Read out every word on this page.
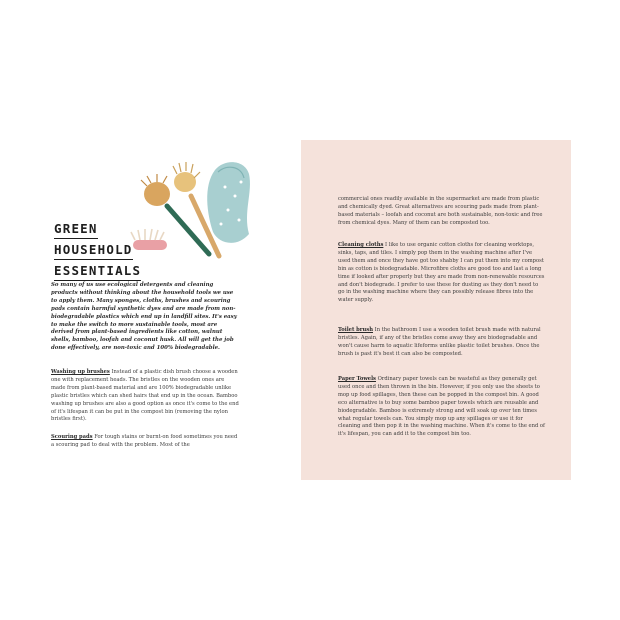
GREEN
HOUSEHOLD
ESSENTIALS
So many of us use ecological detergents and cleaning products without thinking about the household tools we use to apply them. Many sponges, cloths, brushes and scouring pads contain harmful synthetic dyes and are made from non-biodegradable plastics which end up in landfill sites. It's easy to make the switch to more sustainable tools, most are derived from plant-based ingredients like cotton, walnut shells, bamboo, loofah and coconut husk. All will get the job done effectively, are non-toxic and 100% biodegradable.
Washing up brushes Instead of a plastic dish brush choose a wooden one with replacement heads. The bristles on the wooden ones are made from plant-based material and are 100% biodegradable unlike plastic bristles which can shed hairs that end up in the ocean. Bamboo washing up brushes are also a good option as once it's come to the end of it's lifespan it can be put in the compost bin (removing the nylon bristles first).
Scouring pads For tough stains or burnt-on food sometimes you need a scouring pad to deal with the problem. Most of the
commercial ones readily available in the supermarket are made from plastic and chemically dyed. Great alternatives are scouring pads made from plant-based materials – loofah and coconut are both sustainable, non-toxic and free from chemical dyes. Many of them can be composted too.
Cleaning cloths I like to use organic cotton cloths for cleaning worktops, sinks, taps, and tiles. I simply pop them in the washing machine after I've used them and once they have got too shabby I can put them into my compost bin as cotton is biodegradable. Microfibre cloths are good too and last a long time if looked after properly but they are made from non-renewable resources and don't biodegrade. I prefer to use these for dusting as they don't need to go in the washing machine where they can possibly release fibres into the water supply.
Toilet brush In the bathroom I use a wooden toilet brush made with natural bristles. Again, if any of the bristles come away they are biodegradable and won't cause harm to aquatic lifeforms unlike plastic toilet brushes. Once the brush is past it's best it can also be composted.
Paper Towels Ordinary paper towels can be wasteful as they generally get used once and then thrown in the bin. However, if you only use the sheets to mop up food spillages, then these can be popped in the compost bin. A good eco alternative is to buy some bamboo paper towels which are reusable and biodegradable. Bamboo is extremely strong and will soak up over ten times what regular towels can. You simply mop up any spillages or use it for cleaning and then pop it in the washing machine. When it's come to the end of it's lifespan, you can add it to the compost bin too.
